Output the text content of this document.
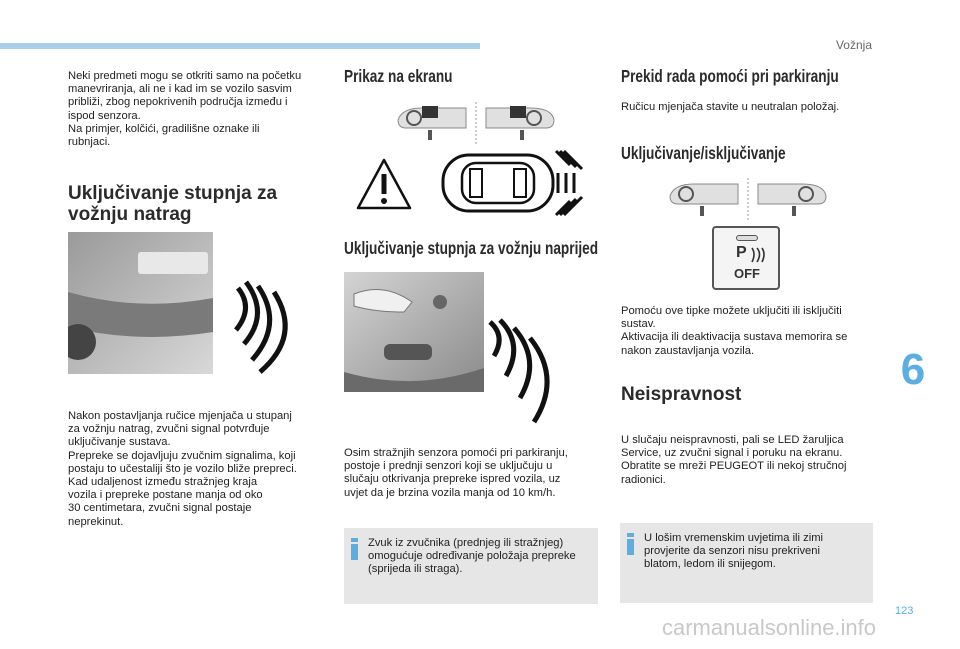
Vožnja
6
123
carmanualsonline.info
Neki predmeti mogu se otkriti samo na početku
manevriranja, ali ne i kad im se vozilo sasvim
približi, zbog nepokrivenih područja između i
ispod senzora.
Na primjer, kolčići, gradilišne oznake ili
rubnjaci.
Uključivanje stupnja za
vožnju natrag
Nakon postavljanja ručice mjenjača u stupanj
za vožnju natrag, zvučni signal potvrđuje
uključivanje sustava.
Prepreke se dojavljuju zvučnim signalima, koji
postaju to učestaliji što je vozilo bliže prepreci.
Kad udaljenost između stražnjeg kraja
vozila i prepreke postane manja od oko
30 centimetara, zvučni signal postaje
neprekinut.
Prikaz na ekranu
Uključivanje stupnja za vožnju naprijed
Osim stražnjih senzora pomoći pri parkiranju,
postoje i prednji senzori koji se uključuju u
slučaju otkrivanja prepreke ispred vozila, uz
uvjet da je brzina vozila manja od 10 km/h.
Zvuk iz zvučnika (prednjeg ili stražnjeg)
omogućuje određivanje položaja prepreke
(sprijeda ili straga).
Prekid rada pomoći pri parkiranju
Ručicu mjenjača stavite u neutralan položaj.
Uključivanje/isključivanje
P
OFF
Pomoću ove tipke možete uključiti ili isključiti
sustav.
Aktivacija ili deaktivacija sustava memorira se
nakon zaustavljanja vozila.
Neispravnost
U slučaju neispravnosti, pali se LED žaruljica
Service, uz zvučni signal i poruku na ekranu.
Obratite se mreži PEUGEOT ili nekoj stručnoj
radionici.
U lošim vremenskim uvjetima ili zimi
provjerite da senzori nisu prekriveni
blatom, ledom ili snijegom.
